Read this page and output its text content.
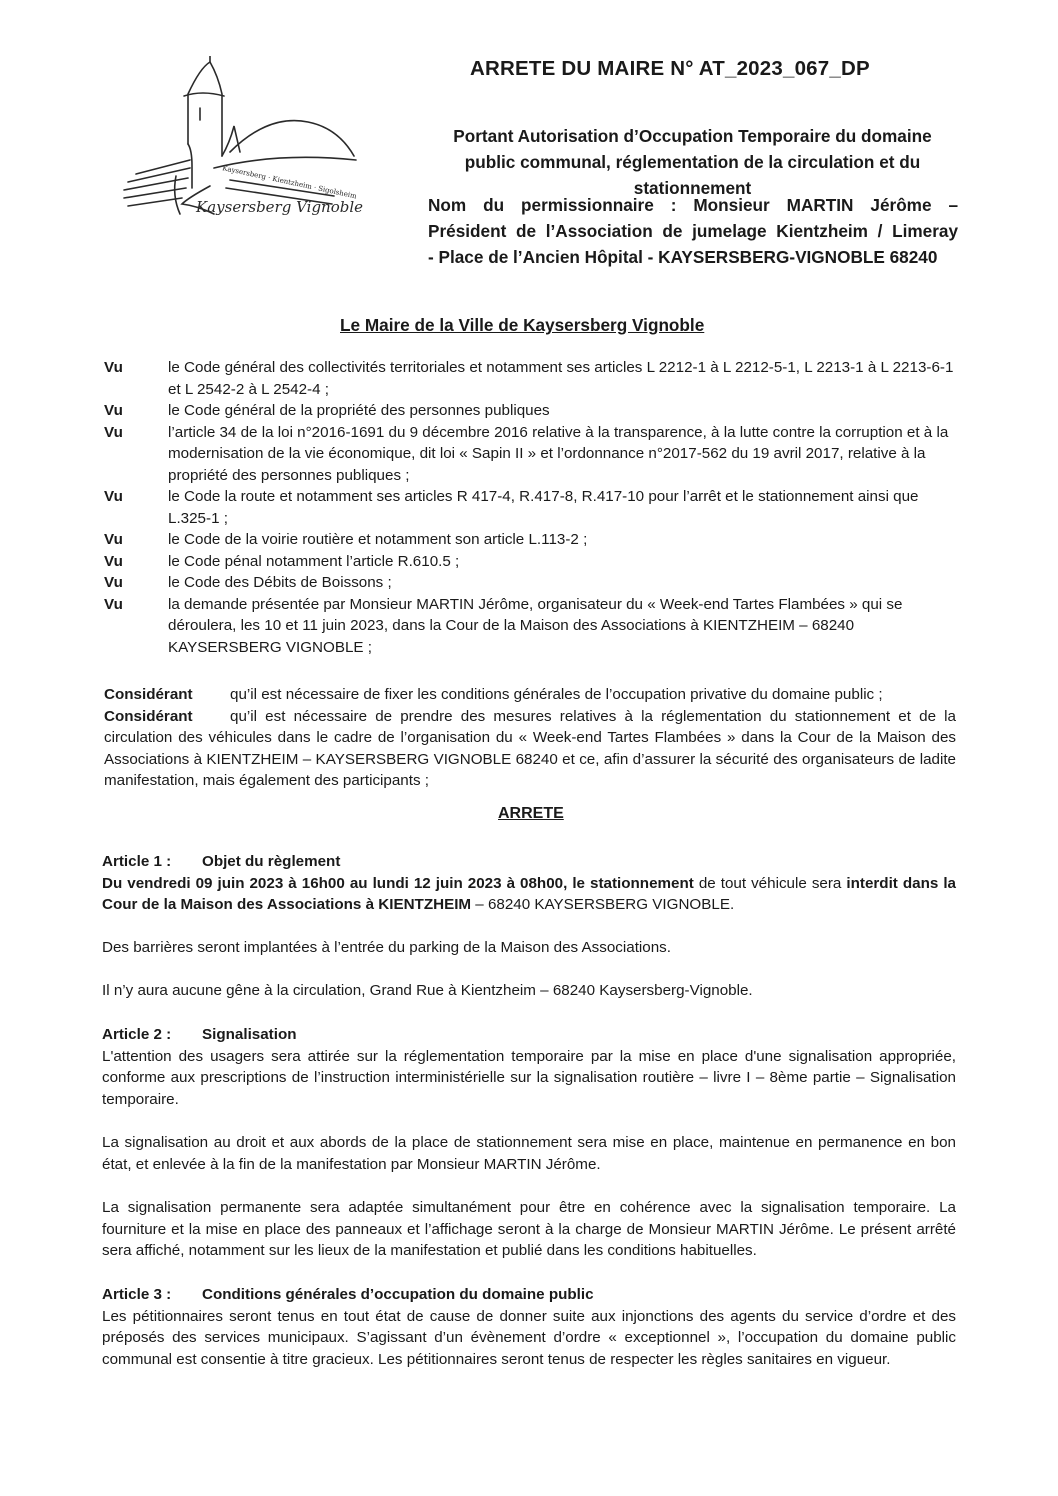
Kaysersberg · Kientzheim · Sigolsheim
Kaysersberg Vignoble
ARRETE DU MAIRE N° AT_2023_067_DP
Portant Autorisation d’Occupation Temporaire du domaine
public communal, réglementation de la circulation et du
stationnement
Nom du permissionnaire : Monsieur MARTIN Jérôme –
Président de l’Association de jumelage Kientzheim / Limeray
- Place de l’Ancien Hôpital - KAYSERSBERG-VIGNOBLE 68240
Le Maire de la Ville de Kaysersberg Vignoble
Vu	le Code général des collectivités territoriales et notamment ses articles L 2212-1 à L 2212-5-1, L 2213-1 à L 2213-6-1 et L 2542-2 à L 2542-4 ;
Vu	le Code général de la propriété des personnes publiques
Vu	l’article 34 de la loi n°2016-1691 du 9 décembre 2016 relative à la transparence, à la lutte contre la corruption et à la modernisation de la vie économique, dit loi « Sapin II » et l’ordonnance n°2017-562 du 19 avril 2017, relative à la propriété des personnes publiques ;
Vu	le Code la route et notamment ses articles R 417-4, R.417-8, R.417-10 pour l’arrêt et le stationnement ainsi que L.325-1 ;
Vu	le Code de la voirie routière et notamment son article L.113-2 ;
Vu	le Code pénal notamment l’article R.610.5 ;
Vu	le Code des Débits de Boissons ;
Vu	la demande présentée par Monsieur MARTIN Jérôme, organisateur du « Week-end Tartes Flambées » qui se déroulera, les 10 et 11 juin 2023, dans la Cour de la Maison des Associations à KIENTZHEIM – 68240 KAYSERSBERG VIGNOBLE ;
Considérant qu’il est nécessaire de fixer les conditions générales de l’occupation privative du domaine public ;
Considérant qu’il est nécessaire de prendre des mesures relatives à la réglementation du stationnement et de la circulation des véhicules dans le cadre de l’organisation du « Week-end Tartes Flambées » dans la Cour de la Maison des Associations à KIENTZHEIM – KAYSERSBERG VIGNOBLE 68240 et ce, afin d’assurer la sécurité des organisateurs de ladite manifestation, mais également des participants ;
ARRETE
Article 1 : Objet du règlement
Du vendredi 09 juin 2023 à 16h00 au lundi 12 juin 2023 à 08h00, le stationnement de tout véhicule sera interdit dans la Cour de la Maison des Associations à KIENTZHEIM – 68240 KAYSERSBERG VIGNOBLE.
Des barrières seront implantées à l’entrée du parking de la Maison des Associations.
Il n’y aura aucune gêne à la circulation, Grand Rue à Kientzheim – 68240 Kaysersberg-Vignoble.
Article 2 : Signalisation
L'attention des usagers sera attirée sur la réglementation temporaire par la mise en place d'une signalisation appropriée, conforme aux prescriptions de l’instruction interministérielle sur la signalisation routière – livre I – 8ème partie – Signalisation temporaire.
La signalisation au droit et aux abords de la place de stationnement sera mise en place, maintenue en permanence en bon état, et enlevée à la fin de la manifestation par Monsieur MARTIN Jérôme.
La signalisation permanente sera adaptée simultanément pour être en cohérence avec la signalisation temporaire. La fourniture et la mise en place des panneaux et l’affichage seront à la charge de Monsieur MARTIN Jérôme. Le présent arrêté sera affiché, notamment sur les lieux de la manifestation et publié dans les conditions habituelles.
Article 3 : Conditions générales d’occupation du domaine public
Les pétitionnaires seront tenus en tout état de cause de donner suite aux injonctions des agents du service d’ordre et des préposés des services municipaux. S’agissant d’un évènement d’ordre « exceptionnel », l’occupation du domaine public communal est consentie à titre gracieux. Les pétitionnaires seront tenus de respecter les règles sanitaires en vigueur.
